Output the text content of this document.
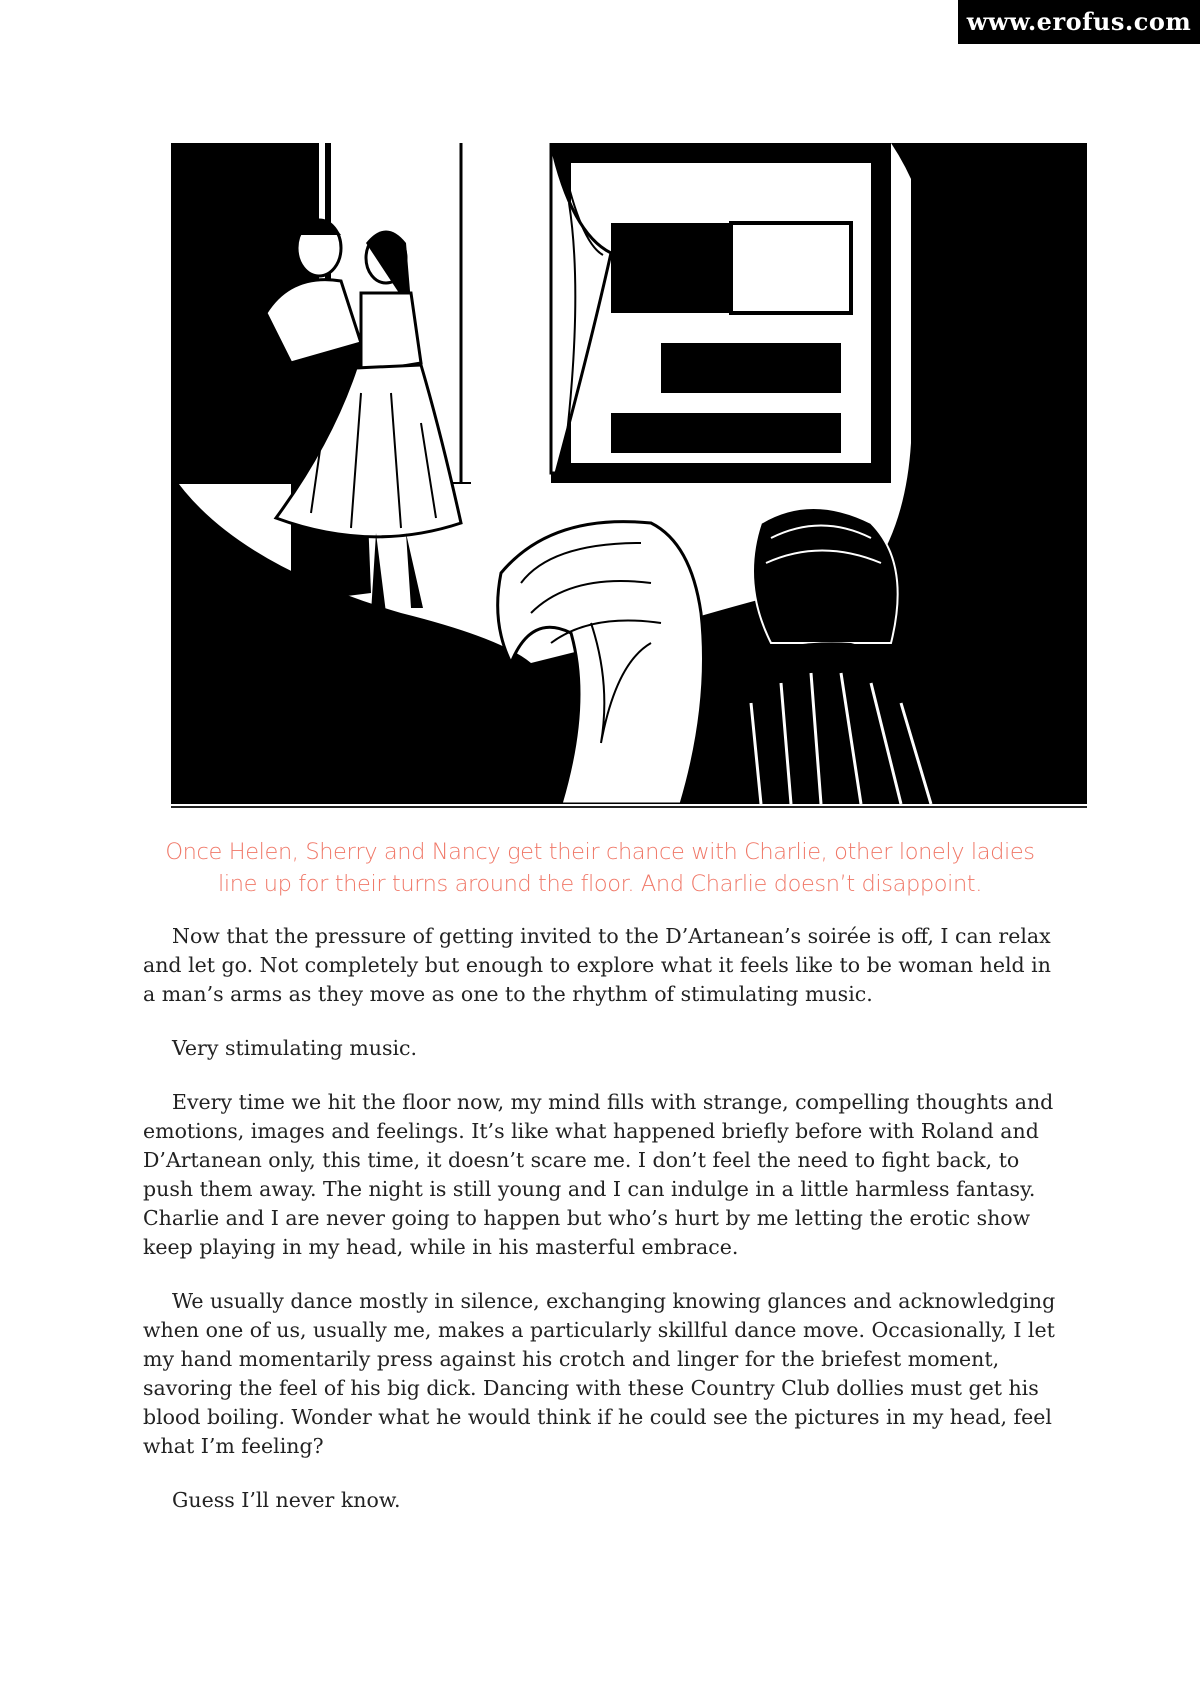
www.erofus.com
Once Helen, Sherry and Nancy get their chance with Charlie, other lonely ladies line up for their turns around the floor. And Charlie doesn’t disappoint.

Now that the pressure of getting invited to the D’Artanean’s soirée is off, I can relax and let go. Not completely but enough to explore what it feels like to be woman held in a man’s arms as they move as one to the rhythm of stimulating music.

Very stimulating music.

Every time we hit the floor now, my mind fills with strange, compelling thoughts and emotions, images and feelings. It’s like what happened briefly before with Roland and D’Artanean only, this time, it doesn’t scare me. I don’t feel the need to fight back, to push them away. The night is still young and I can indulge in a little harmless fantasy. Charlie and I are never going to happen but who’s hurt by me letting the erotic show keep playing in my head, while in his masterful embrace.

We usually dance mostly in silence, exchanging knowing glances and acknowledging when one of us, usually me, makes a particularly skillful dance move. Occasionally, I let my hand momentarily press against his crotch and linger for the briefest moment, savoring the feel of his big dick. Dancing with these Country Club dollies must get his blood boiling. Wonder what he would think if he could see the pictures in my head, feel what I’m feeling?

Guess I’ll never know.
